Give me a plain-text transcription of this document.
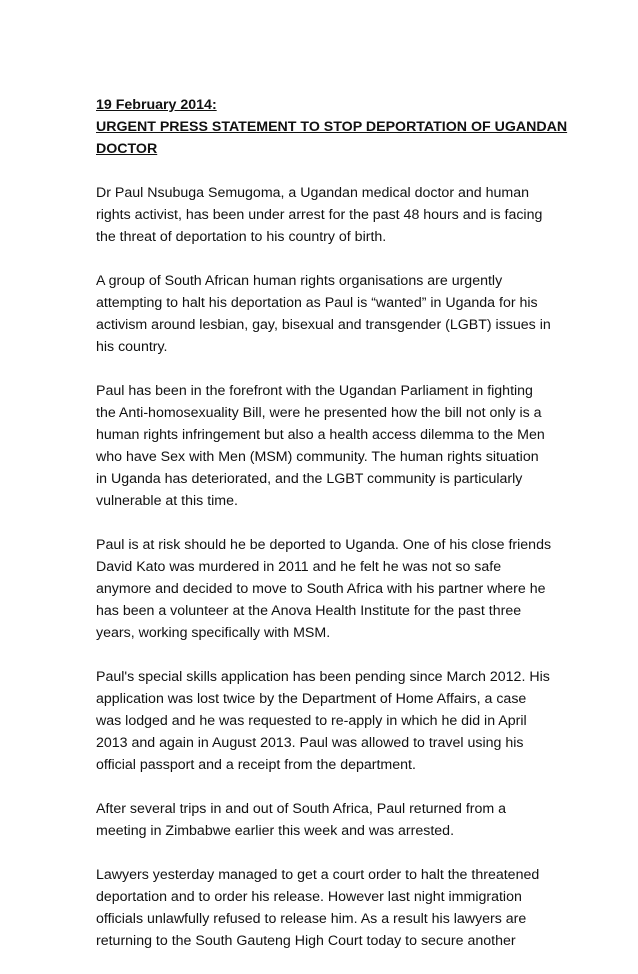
19 February 2014:
URGENT PRESS STATEMENT TO STOP DEPORTATION OF UGANDAN
DOCTOR
Dr Paul Nsubuga Semugoma, a Ugandan medical doctor and human
rights activist, has been under arrest for the past 48 hours and is facing
the threat of deportation to his country of birth.
A group of South African human rights organisations are urgently
attempting to halt his deportation as Paul is “wanted” in Uganda for his
activism around lesbian, gay, bisexual and transgender (LGBT) issues in
his country.
Paul has been in the forefront with the Ugandan Parliament in fighting
the Anti-homosexuality Bill, were he presented how the bill not only is a
human rights infringement but also a health access dilemma to the Men
who have Sex with Men (MSM) community. The human rights situation
in Uganda has deteriorated, and the LGBT community is particularly
vulnerable at this time.
Paul is at risk should he be deported to Uganda. One of his close friends
David Kato was murdered in 2011 and he felt he was not so safe
anymore and decided to move to South Africa with his partner where he
has been a volunteer at the Anova Health Institute for the past three
years, working specifically with MSM.
Paul's special skills application has been pending since March 2012. His
application was lost twice by the Department of Home Affairs, a case
was lodged and he was requested to re-apply in which he did in April
2013 and again in August 2013. Paul was allowed to travel using his
official passport and a receipt from the department.
After several trips in and out of South Africa, Paul returned from a
meeting in Zimbabwe earlier this week and was arrested.
Lawyers yesterday managed to get a court order to halt the threatened
deportation and to order his release. However last night immigration
officials unlawfully refused to release him. As a result his lawyers are
returning to the South Gauteng High Court today to secure another
